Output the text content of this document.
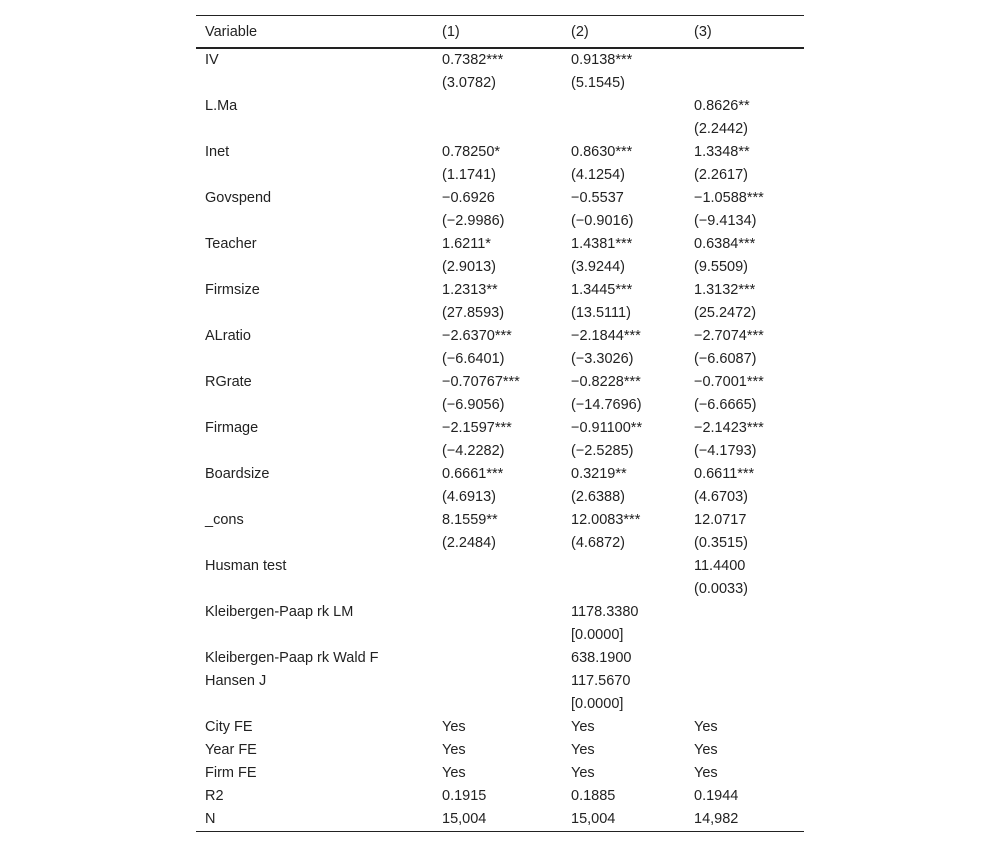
Variable	(1)	(2)	(3)
IV	0.7382***	0.9138***	
	(3.0782)	(5.1545)	
L.Ma			0.8626**
			(2.2442)
Inet	0.78250*	0.8630***	1.3348**
	(1.1741)	(4.1254)	(2.2617)
Govspend	−0.6926	−0.5537	−1.0588***
	(−2.9986)	(−0.9016)	(−9.4134)
Teacher	1.6211*	1.4381***	0.6384***
	(2.9013)	(3.9244)	(9.5509)
Firmsize	1.2313**	1.3445***	1.3132***
	(27.8593)	(13.5111)	(25.2472)
ALratio	−2.6370***	−2.1844***	−2.7074***
	(−6.6401)	(−3.3026)	(−6.6087)
RGrate	−0.70767***	−0.8228***	−0.7001***
	(−6.9056)	(−14.7696)	(−6.6665)
Firmage	−2.1597***	−0.91100**	−2.1423***
	(−4.2282)	(−2.5285)	(−4.1793)
Boardsize	0.6661***	0.3219**	0.6611***
	(4.6913)	(2.6388)	(4.6703)
_cons	8.1559**	12.0083***	12.0717
	(2.2484)	(4.6872)	(0.3515)
Husman test			11.4400
			(0.0033)
Kleibergen-Paap rk LM		1178.3380	
		[0.0000]	
Kleibergen-Paap rk Wald F		638.1900	
Hansen J		117.5670	
		[0.0000]	
City FE	Yes	Yes	Yes
Year FE	Yes	Yes	Yes
Firm FE	Yes	Yes	Yes
R2	0.1915	0.1885	0.1944
N	15,004	15,004	14,982
